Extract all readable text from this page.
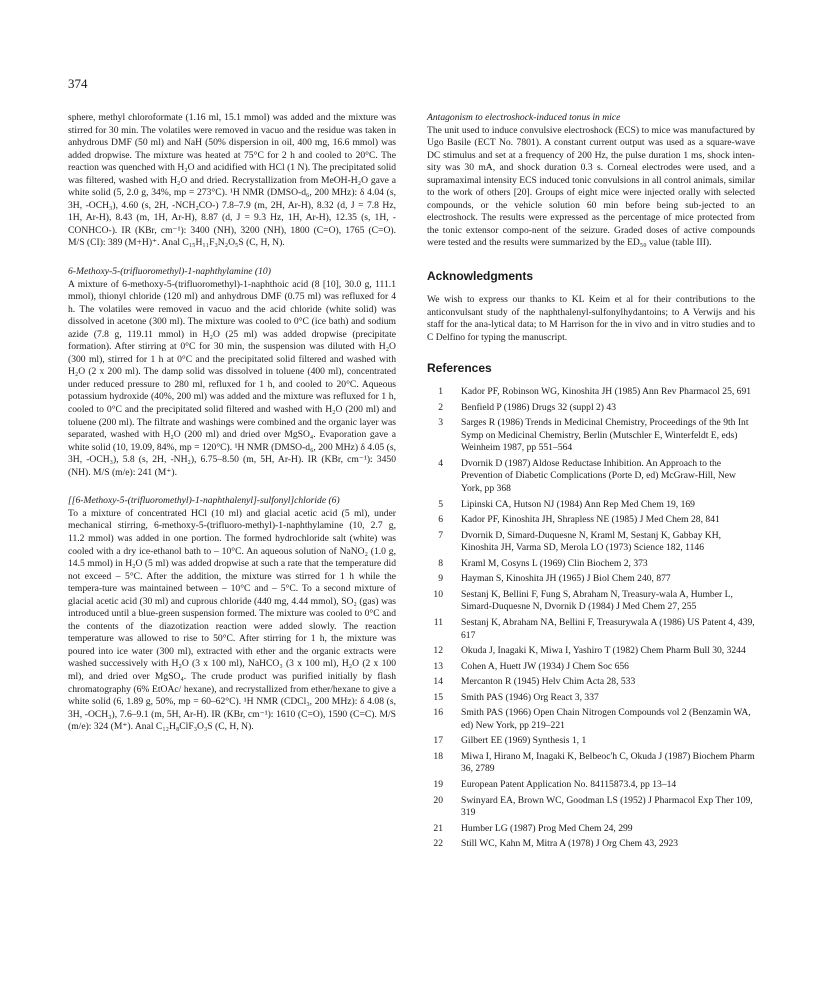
374

sphere, methyl chloroformate (1.16 ml, 15.1 mmol) was added and the mixture was stirred for 30 min. The volatiles were removed in vacuo and the residue was taken in anhydrous DMF (50 ml) and NaH (50% dispersion in oil, 400 mg, 16.6 mmol) was added dropwise. The mixture was heated at 75°C for 2 h and cooled to 20°C. The reaction was quenched with H₂O and acidified with HCl (1 N). The precipitated solid was filtered, washed with H₂O and dried. Recrystallization from MeOH-H₂O gave a white solid (5, 2.0 g, 34%, mp = 273°C). ¹H NMR (DMSO-d₆, 200 MHz): δ 4.04 (s, 3H, -OCH₃), 4.60 (s, 2H, -NCH₂CO-) 7.8–7.9 (m, 2H, Ar-H), 8.32 (d, J = 7.8 Hz, 1H, Ar-H), 8.43 (m, 1H, Ar-H), 8.87 (d, J = 9.3 Hz, 1H, Ar-H), 12.35 (s, 1H, -CONHCO-). IR (KBr, cm⁻¹): 3400 (NH), 3200 (NH), 1800 (C=O), 1765 (C=O). M/S (CI): 389 (M+H)⁺. Anal C₁₅H₁₁F₃N₂O₅S (C, H, N).

6-Methoxy-5-(trifluoromethyl)-1-naphthylamine (10)

A mixture of 6-methoxy-5-(trifluoromethyl)-1-naphthoic acid (8 [10], 30.0 g, 111.1 mmol), thionyl chloride (120 ml) and anhydrous DMF (0.75 ml) was refluxed for 4 h. The volatiles were removed in vacuo and the acid chloride (white solid) was dissolved in acetone (300 ml). The mixture was cooled to 0°C (ice bath) and sodium azide (7.8 g, 119.11 mmol) in H₂O (25 ml) was added dropwise (precipitate formation). After stirring at 0°C for 30 min, the suspension was diluted with H₂O (300 ml), stirred for 1 h at 0°C and the precipitated solid filtered and washed with H₂O (2 x 200 ml). The damp solid was dissolved in toluene (400 ml), concentrated under reduced pressure to 280 ml, refluxed for 1 h, and cooled to 20°C. Aqueous potassium hydroxide (40%, 200 ml) was added and the mixture was refluxed for 1 h, cooled to 0°C and the precipitated solid filtered and washed with H₂O (200 ml) and toluene (200 ml). The filtrate and washings were combined and the organic layer was separated, washed with H₂O (200 ml) and dried over MgSO₄. Evaporation gave a white solid (10, 19.09, 84%, mp = 120°C). ¹H NMR (DMSO-d₆, 200 MHz) δ 4.05 (s, 3H, -OCH₃), 5.8 (s, 2H, -NH₂), 6.75–8.50 (m, 5H, Ar-H). IR (KBr, cm⁻¹): 3450 (NH). M/S (m/e): 241 (M⁺).

[[6-Methoxy-5-(trifluoromethyl)-1-naphthalenyl]-sulfonyl]chloride (6)

To a mixture of concentrated HCl (10 ml) and glacial acetic acid (5 ml), under mechanical stirring, 6-methoxy-5-(trifluoro-methyl)-1-naphthylamine (10, 2.7 g, 11.2 mmol) was added in one portion. The formed hydrochloride salt (white) was cooled with a dry ice-ethanol bath to – 10°C. An aqueous solution of NaNO₂ (1.0 g, 14.5 mmol) in H₂O (5 ml) was added dropwise at such a rate that the temperature did not exceed – 5°C. After the addition, the mixture was stirred for 1 h while the tempera-ture was maintained between – 10°C and – 5°C. To a second mixture of glacial acetic acid (30 ml) and cuprous chloride (440 mg, 4.44 mmol), SO₂ (gas) was introduced until a blue-green suspension formed. The mixture was cooled to 0°C and the contents of the diazotization reaction were added slowly. The reaction temperature was allowed to rise to 50°C. After stirring for 1 h, the mixture was poured into ice water (300 ml), extracted with ether and the organic extracts were washed successively with H₂O (3 x 100 ml), NaHCO₃ (3 x 100 ml), H₂O (2 x 100 ml), and dried over MgSO₄. The crude product was purified initially by flash chromatography (6% EtOAc/ hexane), and recrystallized from ether/hexane to give a white solid (6, 1.89 g, 50%, mp = 60–62°C). ¹H NMR (CDCl₃, 200 MHz): δ 4.08 (s, 3H, -OCH₃), 7.6–9.1 (m, 5H, Ar-H). IR (KBr, cm⁻¹): 1610 (C=O), 1590 (C=C). M/S (m/e): 324 (M⁺). Anal C₁₂H₈ClF₃O₃S (C, H, N).

Antagonism to electroshock-induced tonus in mice

The unit used to induce convulsive electroshock (ECS) to mice was manufactured by Ugo Basile (ECT No. 7801). A constant current output was used as a square-wave DC stimulus and set at a frequency of 200 Hz, the pulse duration 1 ms, shock inten-sity was 30 mA, and shock duration 0.3 s. Corneal electrodes were used, and a supramaximal intensity ECS induced tonic convulsions in all control animals, similar to the work of others [20]. Groups of eight mice were injected orally with selected compounds, or the vehicle solution 60 min before being sub-jected to an electroshock. The results were expressed as the percentage of mice protected from the tonic extensor compo-nent of the seizure. Graded doses of active compounds were tested and the results were summarized by the ED₅₀ value (table III).

Acknowledgments

We wish to express our thanks to KL Keim et al for their contributions to the anticonvulsant study of the naphthalenyl-sulfonylhydantoins; to A Verwijs and his staff for the ana-lytical data; to M Harrison for the in vivo and in vitro studies and to C Delfino for typing the manuscript.

References
1 Kador PF, Robinson WG, Kinoshita JH (1985) Ann Rev Pharmacol 25, 691
2 Benfield P (1986) Drugs 32 (suppl 2) 43
3 Sarges R (1986) Trends in Medicinal Chemistry, Proceedings of the 9th Int Symp on Medicinal Chemistry, Berlin (Mutschler E, Winterfeldt E, eds) Weinheim 1987, pp 551–564
4 Dvornik D (1987) Aldose Reductase Inhibition. An Approach to the Prevention of Diabetic Complications (Porte D, ed) McGraw-Hill, New York, pp 368
5 Lipinski CA, Hutson NJ (1984) Ann Rep Med Chem 19, 169
6 Kador PF, Kinoshita JH, Shrapless NE (1985) J Med Chem 28, 841
7 Dvornik D, Simard-Duquesne N, Kraml M, Sestanj K, Gabbay KH, Kinoshita JH, Varma SD, Merola LO (1973) Science 182, 1146
8 Kraml M, Cosyns L (1969) Clin Biochem 2, 373
9 Hayman S, Kinoshita JH (1965) J Biol Chem 240, 877
10 Sestanj K, Bellini F, Fung S, Abraham N, Treasury-wala A, Humber L, Simard-Duquesne N, Dvornik D (1984) J Med Chem 27, 255
11 Sestanj K, Abraham NA, Bellini F, Treasurywala A (1986) US Patent 4, 439, 617
12 Okuda J, Inagaki K, Miwa I, Yashiro T (1982) Chem Pharm Bull 30, 3244
13 Cohen A, Huett JW (1934) J Chem Soc 656
14 Mercanton R (1945) Helv Chim Acta 28, 533
15 Smith PAS (1946) Org React 3, 337
16 Smith PAS (1966) Open Chain Nitrogen Compounds vol 2 (Benzamin WA, ed) New York, pp 219–221
17 Gilbert EE (1969) Synthesis 1, 1
18 Miwa I, Hirano M, Inagaki K, Belbeoc'h C, Okuda J (1987) Biochem Pharm 36, 2789
19 European Patent Application No. 84115873.4, pp 13–14
20 Swinyard EA, Brown WC, Goodman LS (1952) J Pharmacol Exp Ther 109, 319
21 Humber LG (1987) Prog Med Chem 24, 299
22 Still WC, Kahn M, Mitra A (1978) J Org Chem 43, 2923
